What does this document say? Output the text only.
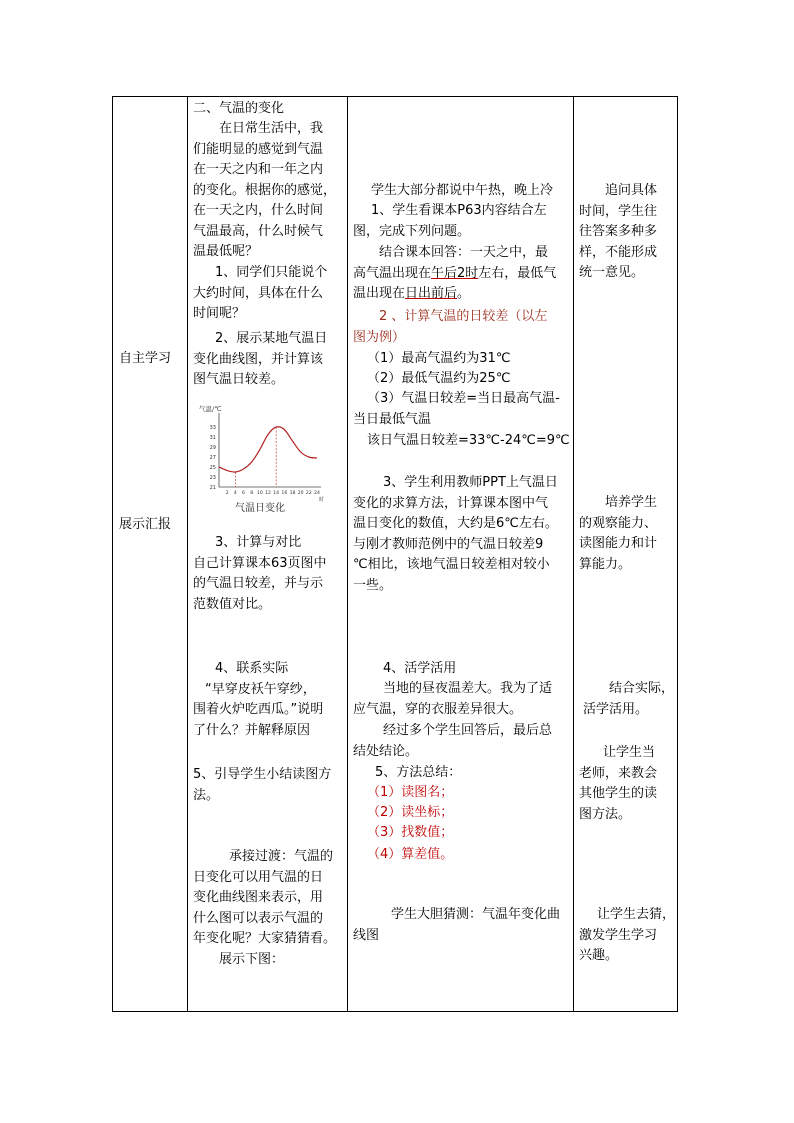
自主学习
展示汇报
二、气温的变化
在日常生活中，我
们能明显的感觉到气温
在一天之内和一年之内
的变化。根据你的感觉，
在一天之内，什么时间
气温最高，什么时候气
温最低呢？
1、同学们只能说个
大约时间，具体在什么
时间呢？
2、展示某地气温日
变化曲线图，并计算该
图气温日较差。
气温/℃
21
23
25
27
29
31
33
2 4 6 8 10 12 14 16 18 20 22 24
时
气温日变化
3、计算与对比
自己计算课本63页图中
的气温日较差，并与示
范数值对比。
4、联系实际
“早穿皮袄午穿纱，
围着火炉吃西瓜。”说明
了什么？并解释原因
5、引导学生小结读图方
法。
承接过渡：气温的
日变化可以用气温的日
变化曲线图来表示，用
什么图可以表示气温的
年变化呢？大家猜猜看。
展示下图：
学生大部分都说中午热，晚上冷
1、学生看课本P63内容结合左
图，完成下列问题。
结合课本回答：一天之中，最
高气温出现在午后2时左右，最低气
温出现在日出前后。
2 、计算气温的日较差（以左
图为例）
（1）最高气温约为31℃
（2）最低气温约为25℃
（3）气温日较差=当日最高气温-
当日最低气温
该日气温日较差=33℃-24℃=9℃
3、学生利用教师PPT上气温日
变化的求算方法，计算课本图中气
温日变化的数值，大约是6℃左右。
与刚才教师范例中的气温日较差9
℃相比，该地气温日较差相对较小
一些。
4、活学活用
当地的昼夜温差大。我为了适
应气温，穿的衣服差异很大。
经过多个学生回答后，最后总
结处结论。
5、方法总结：
（1）读图名；
（2）读坐标；
（3）找数值；
（4）算差值。
学生大胆猜测：气温年变化曲
线图
追问具体
时间，学生往
往答案多种多
样，不能形成
统一意见。
培养学生
的观察能力、
读图能力和计
算能力。
结合实际，
活学活用。
让学生当
老师，来教会
其他学生的读
图方法。
让学生去猜，
激发学生学习
兴趣。
